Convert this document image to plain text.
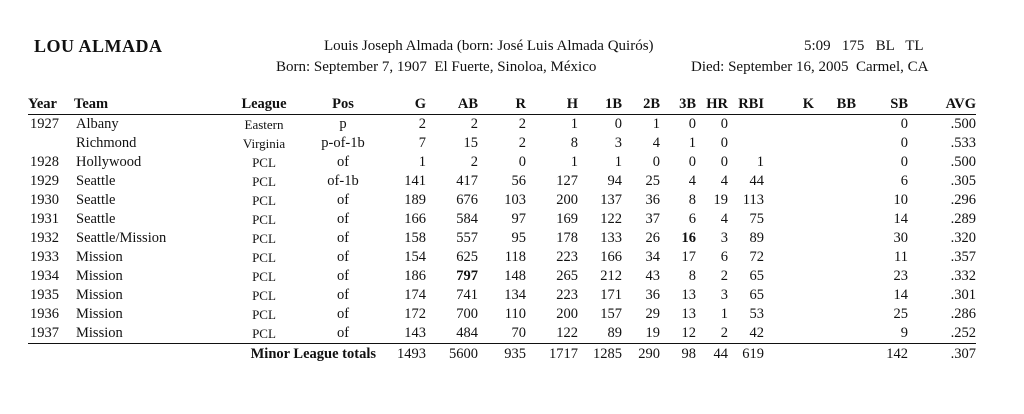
LOU ALMADA	Louis Joseph Almada (born: José Luis Almada Quirós)	5:09   175   BL   TL
Born: September 7, 1907  El Fuerte, Sinoloa, México	Died: September 16, 2005  Carmel, CA
Year	Team	League	Pos	G	AB	R	H	1B	2B	3B	HR	RBI	K	BB	SB	AVG
1927	Albany	Eastern	p	2	2	2	1	0	1	0	0				0	.500
	Richmond	Virginia	p-of-1b	7	15	2	8	3	4	1	0				0	.533
1928	Hollywood	PCL	of	1	2	0	1	1	0	0	0	1			0	.500
1929	Seattle	PCL	of-1b	141	417	56	127	94	25	4	4	44			6	.305
1930	Seattle	PCL	of	189	676	103	200	137	36	8	19	113			10	.296
1931	Seattle	PCL	of	166	584	97	169	122	37	6	4	75			14	.289
1932	Seattle/Mission	PCL	of	158	557	95	178	133	26	16	3	89			30	.320
1933	Mission	PCL	of	154	625	118	223	166	34	17	6	72			11	.357
1934	Mission	PCL	of	186	797	148	265	212	43	8	2	65			23	.332
1935	Mission	PCL	of	174	741	134	223	171	36	13	3	65			14	.301
1936	Mission	PCL	of	172	700	110	200	157	29	13	1	53			25	.286
1937	Mission	PCL	of	143	484	70	122	89	19	12	2	42			9	.252
Minor League totals				1493	5600	935	1717	1285	290	98	44	619			142	.307
